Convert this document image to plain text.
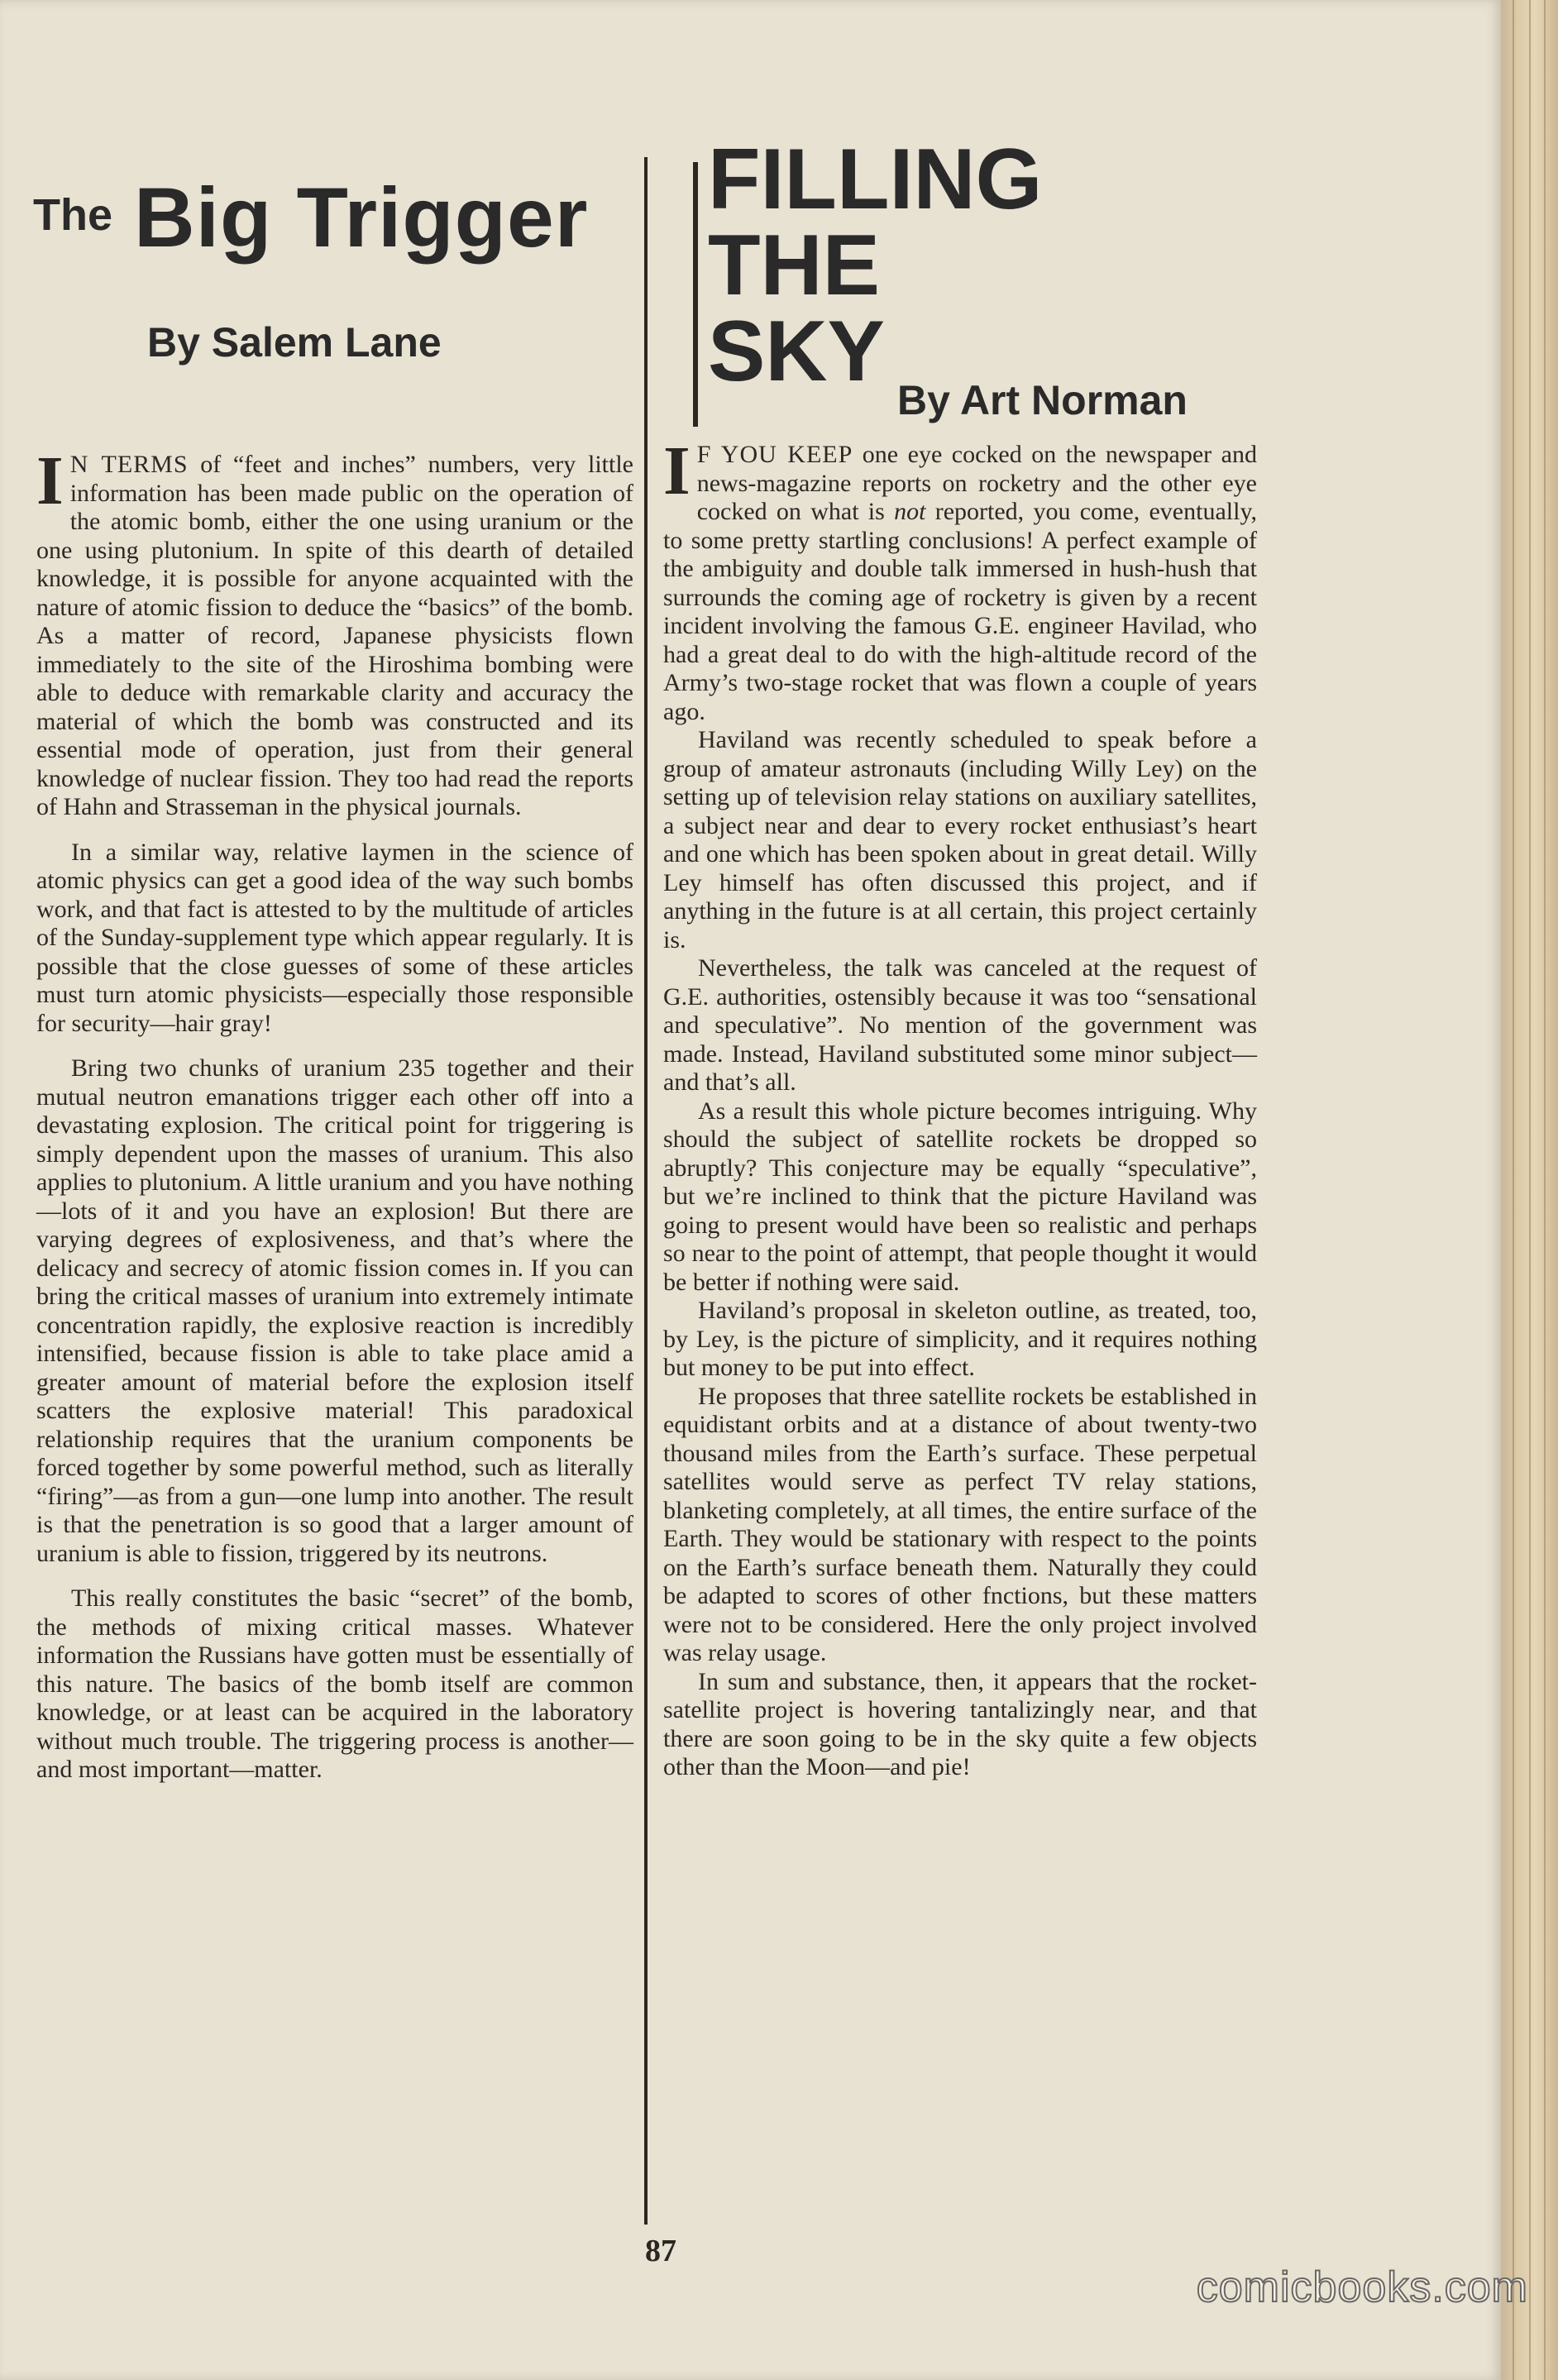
The Big Trigger
By Salem Lane
FILLING
THE
SKY
By Art Norman

I N TERMS of “feet and inches” numbers, very little information has been made public on the operation of the atomic bomb, either the one using uranium or the one using plutonium. In spite of this dearth of detailed knowledge, it is possible for anyone acquainted with the nature of atomic fission to deduce the “basics” of the bomb. As a matter of record, Japanese physicists flown immediately to the site of the Hiroshima bombing were able to deduce with remarkable clarity and accuracy the material of which the bomb was constructed and its essential mode of operation, just from their general knowledge of nuclear fission. They too had read the reports of Hahn and Strasseman in the physical journals.

In a similar way, relative laymen in the science of atomic physics can get a good idea of the way such bombs work, and that fact is attested to by the multitude of articles of the Sunday-supplement type which appear regularly. It is possible that the close guesses of some of these articles must turn atomic physicists—especially those responsible for security—hair gray!

Bring two chunks of uranium 235 together and their mutual neutron emanations trigger each other off into a devastating explosion. The critical point for triggering is simply dependent upon the masses of uranium. This also applies to plutonium. A little uranium and you have nothing—lots of it and you have an explosion! But there are varying degrees of explosiveness, and that’s where the delicacy and secrecy of atomic fission comes in. If you can bring the critical masses of uranium into extremely intimate concentration rapidly, the explosive reaction is incredibly intensified, because fission is able to take place amid a greater amount of material before the explosion itself scatters the explosive material! This paradoxical relationship requires that the uranium components be forced together by some powerful method, such as literally “firing”—as from a gun—one lump into another. The result is that the penetration is so good that a larger amount of uranium is able to fission, triggered by its neutrons.

This really constitutes the basic “secret” of the bomb, the methods of mixing critical masses. Whatever information the Russians have gotten must be essentially of this nature. The basics of the bomb itself are common knowledge, or at least can be acquired in the laboratory without much trouble. The triggering process is another—and most important—matter.

I F YOU KEEP one eye cocked on the newspaper and news-magazine reports on rocketry and the other eye cocked on what is not reported, you come, eventually, to some pretty startling conclusions! A perfect example of the ambiguity and double talk immersed in hush-hush that surrounds the coming age of rocketry is given by a recent incident involving the famous G.E. engineer Havilad, who had a great deal to do with the high-altitude record of the Army’s two-stage rocket that was flown a couple of years ago.

Haviland was recently scheduled to speak before a group of amateur astronauts (including Willy Ley) on the setting up of television relay stations on auxiliary satellites, a subject near and dear to every rocket enthusiast’s heart and one which has been spoken about in great detail. Willy Ley himself has often discussed this project, and if anything in the future is at all certain, this project certainly is.

Nevertheless, the talk was canceled at the request of G.E. authorities, ostensibly because it was too “sensational and speculative”. No mention of the government was made. Instead, Haviland substituted some minor subject—and that’s all.

As a result this whole picture becomes intriguing. Why should the subject of satellite rockets be dropped so abruptly? This conjecture may be equally “speculative”, but we’re inclined to think that the picture Haviland was going to present would have been so realistic and perhaps so near to the point of attempt, that people thought it would be better if nothing were said.

Haviland’s proposal in skeleton outline, as treated, too, by Ley, is the picture of simplicity, and it requires nothing but money to be put into effect.

He proposes that three satellite rockets be established in equidistant orbits and at a distance of about twenty-two thousand miles from the Earth’s surface. These perpetual satellites would serve as perfect TV relay stations, blanketing completely, at all times, the entire surface of the Earth. They would be stationary with respect to the points on the Earth’s surface beneath them. Naturally they could be adapted to scores of other fnctions, but these matters were not to be considered. Here the only project involved was relay usage.

In sum and substance, then, it appears that the rocket-satellite project is hovering tantalizingly near, and that there are soon going to be in the sky quite a few objects other than the Moon—and pie!

87
comicbooks.com
